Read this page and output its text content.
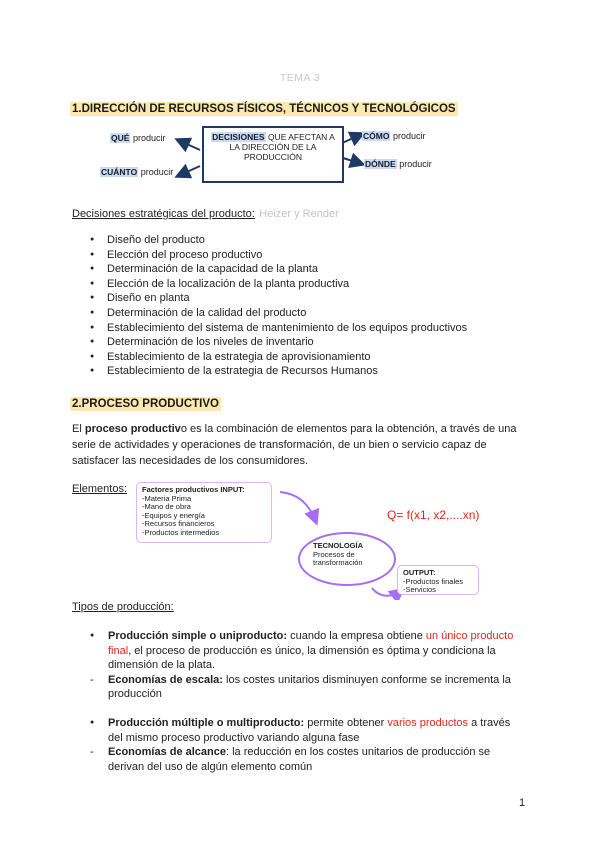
TEMA 3
1.DIRECCIÓN DE RECURSOS FÍSICOS, TÉCNICOS Y TECNOLÓGICOS
DECISIONES QUE AFECTAN A
LA DIRECCIÓN DE LA
PRODUCCIÓN
QUÉ producir
CUÁNTO producir
CÓMO producir
DÓNDE producir
Decisiones estratégicas del producto: Heizer y Render
● Diseño del producto
● Elección del proceso productivo
● Determinación de la capacidad de la planta
● Elección de la localización de la planta productiva
● Diseño en planta
● Determinación de la calidad del producto
● Establecimiento del sistema de mantenimiento de los equipos productivos
● Determinación de los niveles de inventario
● Establecimiento de la estrategia de aprovisionamiento
● Establecimiento de la estrategia de Recursos Humanos
2.PROCESO PRODUCTIVO
El proceso productivo es la combinación de elementos para la obtención, a través de una serie de actividades y operaciones de transformación, de un bien o servicio capaz de satisfacer las necesidades de los consumidores.
Elementos: Factores productivos INPUT:
-Materia Prima
-Mano de obra
-Equipos y energía
-Recursos financieros
-Productos intermedios
Q= f(x1, x2,....xn)
TECNOLOGÍA
Procesos de
transformación
OUTPUT:
-Productos finales
-Servicios
Tipos de producción:
● Producción simple o uniproducto: cuando la empresa obtiene un único producto
final, el proceso de producción es único, la dimensión es óptima y condiciona la
dimensión de la plata.
- Economías de escala: los costes unitarios disminuyen conforme se incrementa la
producción
● Producción múltiple o multiproducto: permite obtener varios productos a través
del mismo proceso productivo variando alguna fase
- Economías de alcance: la reducción en los costes unitarios de producción se
derivan del uso de algún elemento común
1
